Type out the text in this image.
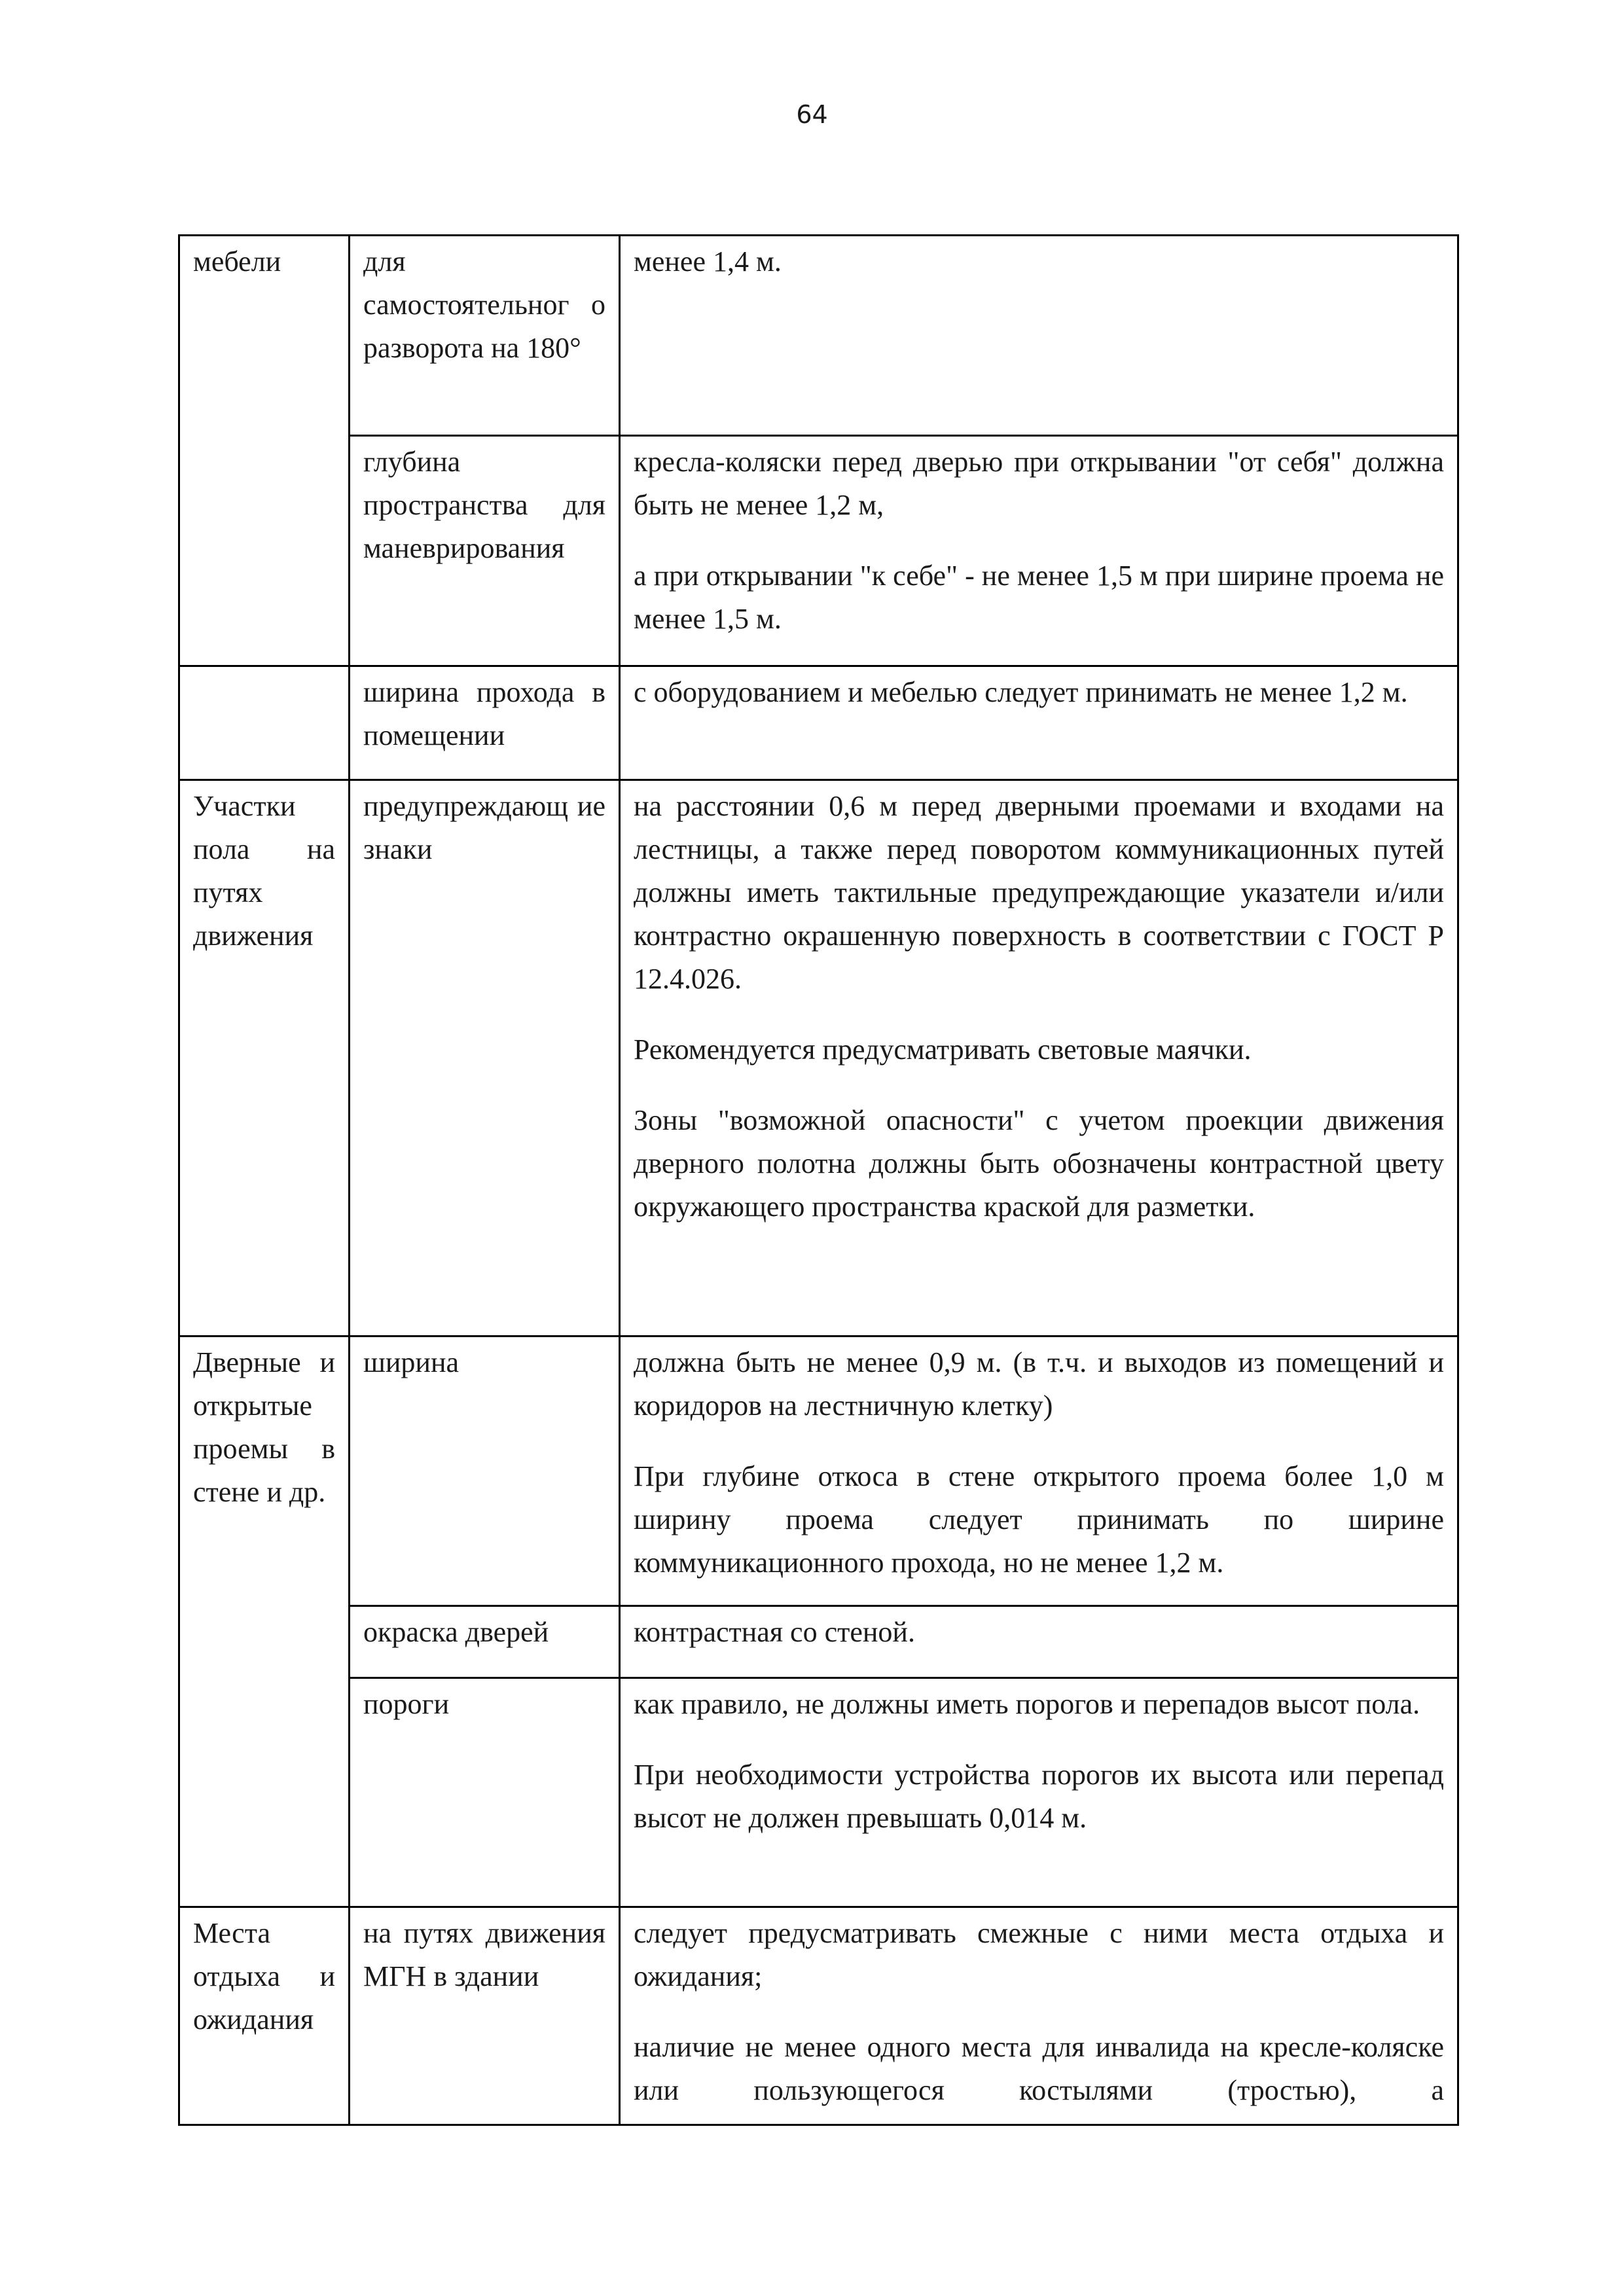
64
мебели	для самостоятельног о разворота на 180°	менее 1,4 м.

	глубина пространства для маневрирования	кресла-коляски перед дверью при открывании "от себя" должна быть не менее 1,2 м,

а при открывании "к себе" - не менее 1,5 м при ширине проема не менее 1,5 м.

	ширина прохода в помещении	с оборудованием и мебелью следует принимать не менее 1,2 м.

Участки пола на путях движения	предупреждающ ие знаки	на расстоянии 0,6 м перед дверными проемами и входами на лестницы, а также перед поворотом коммуникационных путей должны иметь тактильные предупреждающие указатели и/или контрастно окрашенную поверхность в соответствии с ГОСТ Р 12.4.026.

Рекомендуется предусматривать световые маячки.

Зоны "возможной опасности" с учетом проекции движения дверного полотна должны быть обозначены контрастной цвету окружающего пространства краской для разметки.

Дверные и открытые проемы в стене и др.	ширина	должна быть не менее 0,9 м. (в т.ч. и выходов из помещений и коридоров на лестничную клетку)

При глубине откоса в стене открытого проема более 1,0 м ширину проема следует принимать по ширине коммуникационного прохода, но не менее 1,2 м.

	окраска дверей	контрастная со стеной.

	пороги	как правило, не должны иметь порогов и перепадов высот пола.

При необходимости устройства порогов их высота или перепад высот не должен превышать 0,014 м.

Места отдыха и ожидания	на путях движения МГН в здании	следует предусматривать смежные с ними места отдыха и ожидания;

наличие не менее одного места для инвалида на кресле-коляске или пользующегося костылями (тростью), а
